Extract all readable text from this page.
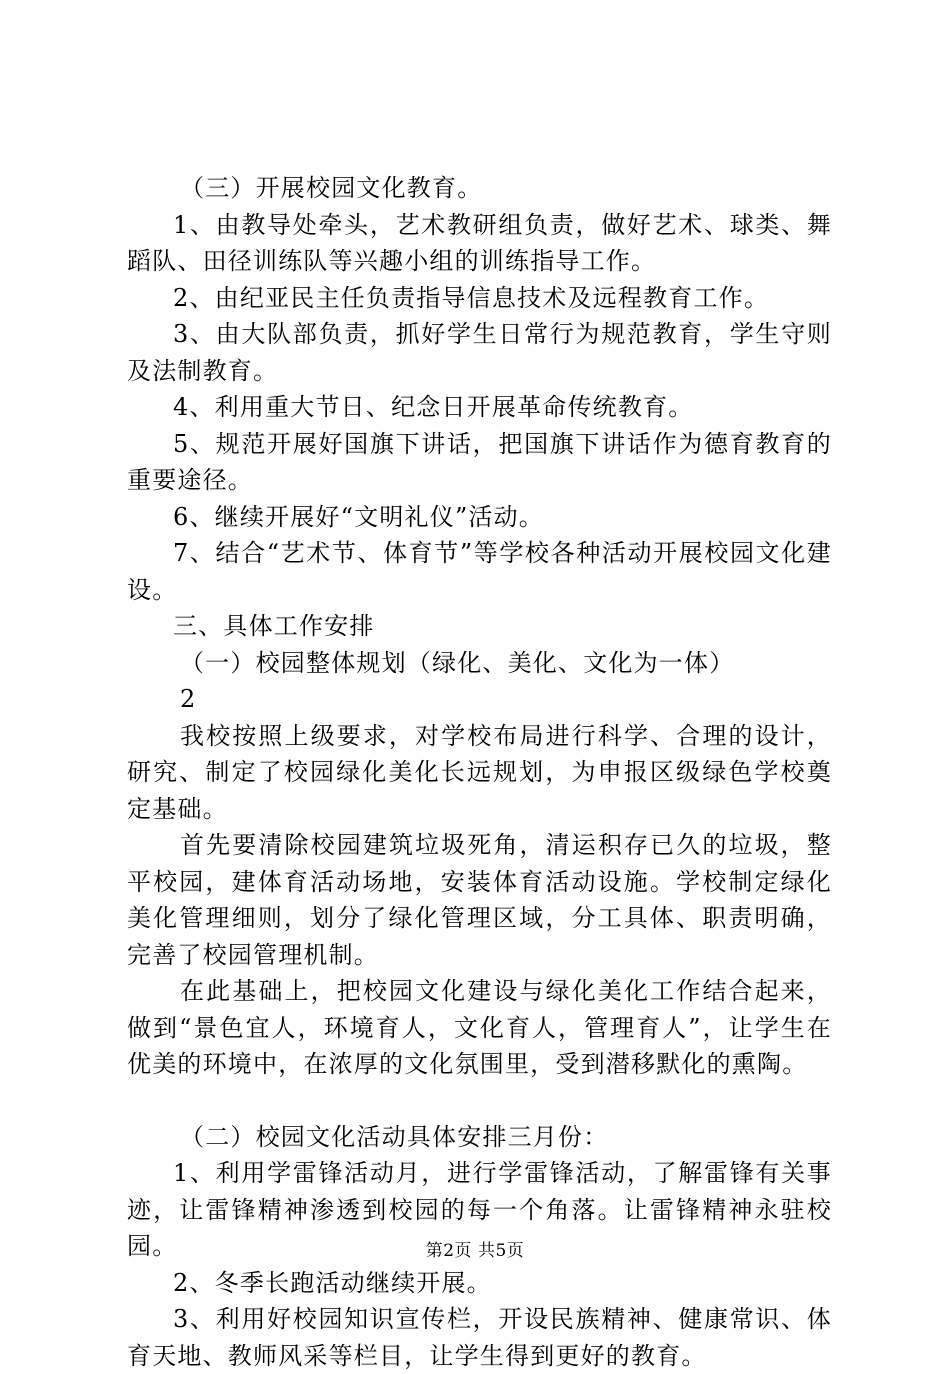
（三）开展校园文化教育。

1、由教导处牵头，艺术教研组负责，做好艺术、球类、舞蹈队、田径训练队等兴趣小组的训练指导工作。

2、由纪亚民主任负责指导信息技术及远程教育工作。

3、由大队部负责，抓好学生日常行为规范教育，学生守则及法制教育。

4、利用重大节日、纪念日开展革命传统教育。

5、规范开展好国旗下讲话，把国旗下讲话作为德育教育的重要途径。

6、继续开展好“文明礼仪”活动。

7、结合“艺术节、体育节”等学校各种活动开展校园文化建设。

三、具体工作安排

（一）校园整体规划（绿化、美化、文化为一体）

2

我校按照上级要求，对学校布局进行科学、合理的设计，研究、制定了校园绿化美化长远规划，为申报区级绿色学校奠定基础。

首先要清除校园建筑垃圾死角，清运积存已久的垃圾，整平校园，建体育活动场地，安装体育活动设施。学校制定绿化美化管理细则，划分了绿化管理区域，分工具体、职责明确，完善了校园管理机制。

在此基础上，把校园文化建设与绿化美化工作结合起来，做到“景色宜人，环境育人，文化育人，管理育人”，让学生在优美的环境中，在浓厚的文化氛围里，受到潜移默化的熏陶。

（二）校园文化活动具体安排三月份：

1、利用学雷锋活动月，进行学雷锋活动，了解雷锋有关事迹，让雷锋精神渗透到校园的每一个角落。让雷锋精神永驻校园。

2、冬季长跑活动继续开展。

3、利用好校园知识宣传栏，开设民族精神、健康常识、体育天地、教师风采等栏目，让学生得到更好的教育。

第2页 共5页
